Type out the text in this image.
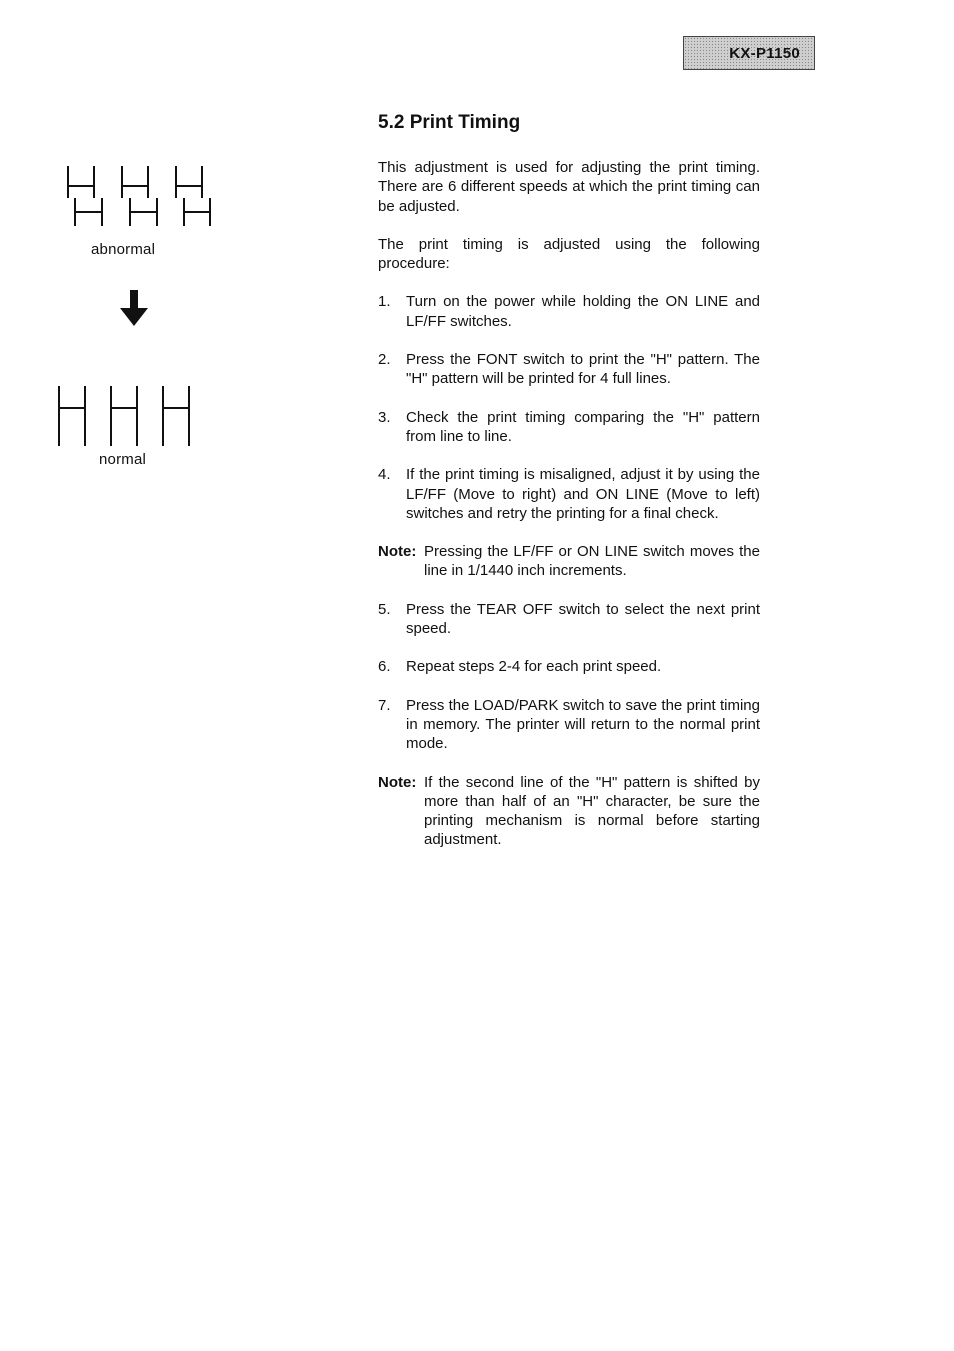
KX-P1150
abnormal
normal
5.2 Print Timing

This adjustment is used for adjusting the print timing. There are 6 different speeds at which the print timing can be adjusted.

The print timing is adjusted using the following procedure:

1.	Turn on the power while holding the ON LINE and LF/FF switches.
2.	Press the FONT switch to print the "H" pattern. The "H" pattern will be printed for 4 full lines.
3.	Check the print timing comparing the "H" pattern from line to line.
4.	If the print timing is misaligned, adjust it by using the LF/FF (Move to right) and ON LINE (Move to left) switches and retry the printing for a final check.
Note: Pressing the LF/FF or ON LINE switch moves the line in 1/1440 inch increments.
5.	Press the TEAR OFF switch to select the next print speed.
6.	Repeat steps 2-4 for each print speed.
7.	Press the LOAD/PARK switch to save the print timing in memory. The printer will return to the normal print mode.
Note: If the second line of the "H" pattern is shifted by more than half of an "H" character, be sure the printing mechanism is normal before starting adjustment.
